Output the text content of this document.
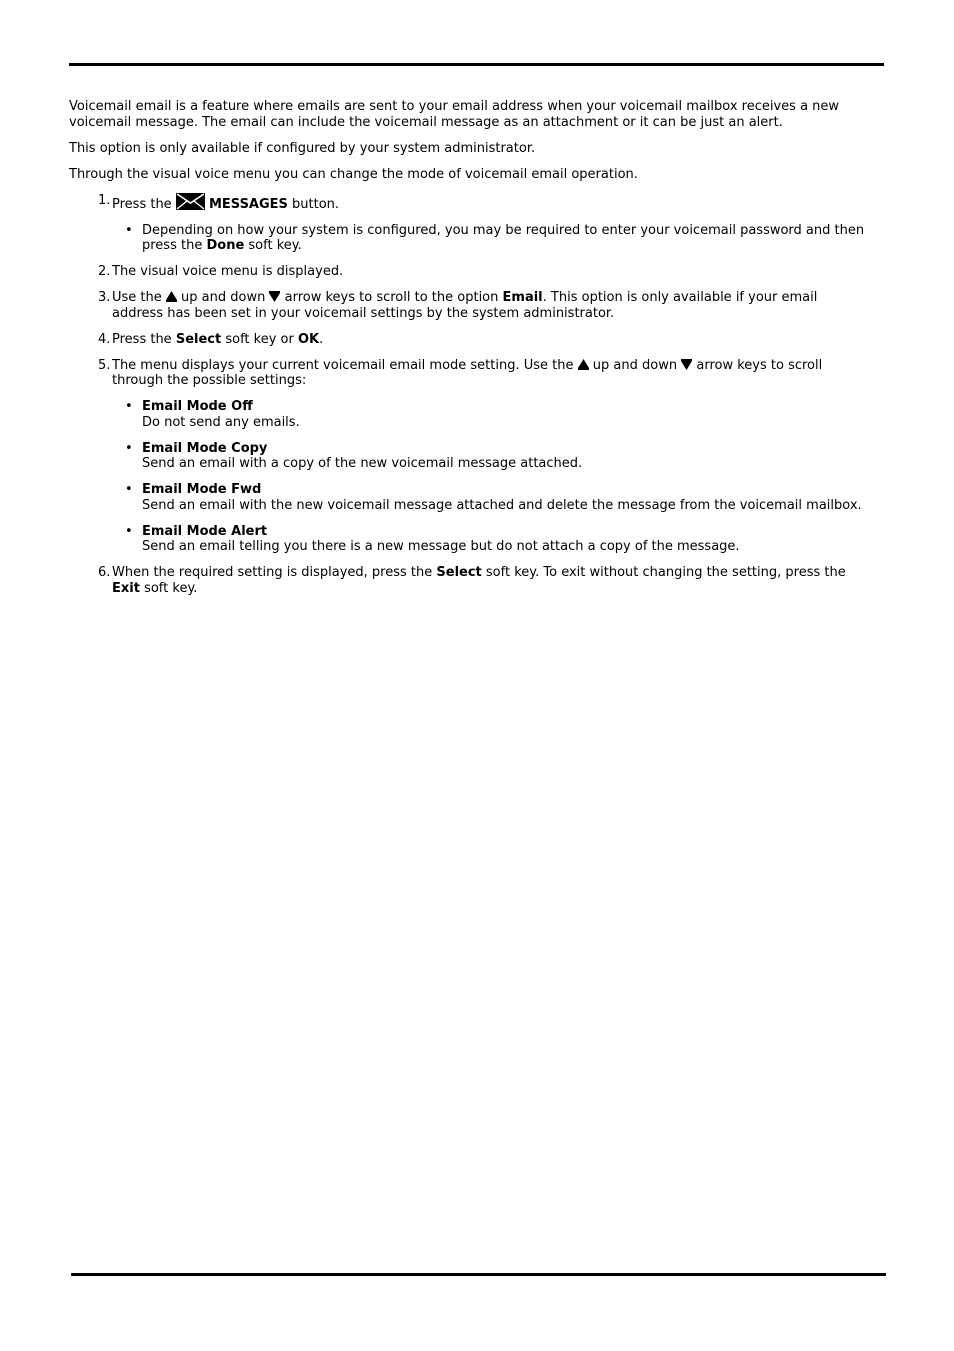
Voicemail email is a feature where emails are sent to your email address when your voicemail mailbox receives a new voicemail message. The email can include the voicemail message as an attachment or it can be just an alert.

This option is only available if configured by your system administrator.

Through the visual voice menu you can change the mode of voicemail email operation.

1. Press the	MESSAGES button.
• Depending on how your system is configured, you may be required to enter your voicemail password and then press the Done soft key.
2. The visual voice menu is displayed.
3. Use the up and down arrow keys to scroll to the option Email. This option is only available if your email address has been set in your voicemail settings by the system administrator.
4. Press the Select soft key or OK.
5. The menu displays your current voicemail email mode setting. Use the up and down arrow keys to scroll through the possible settings:
• Email Mode Off
Do not send any emails.
• Email Mode Copy
Send an email with a copy of the new voicemail message attached.
• Email Mode Fwd
Send an email with the new voicemail message attached and delete the message from the voicemail mailbox.
• Email Mode Alert
Send an email telling you there is a new message but do not attach a copy of the message.
6. When the required setting is displayed, press the Select soft key. To exit without changing the setting, press the Exit soft key.
